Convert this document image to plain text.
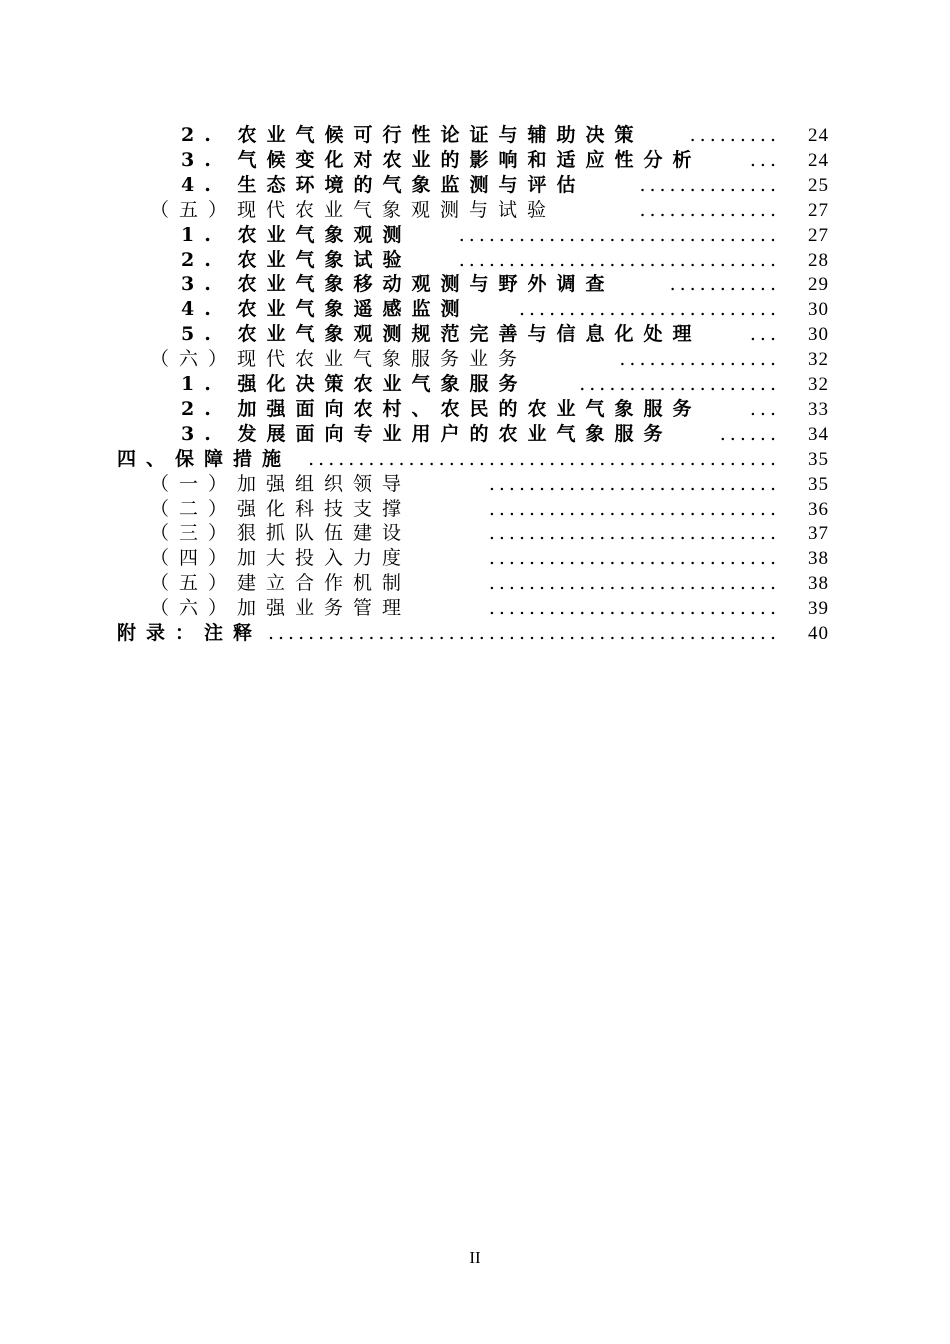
.........
2. 农业气候可行性论证与辅助决策	24
...
3. 气候变化对农业的影响和适应性分析	24
..............
4. 生态环境的气象监测与评估	25
..............
（五）现代农业气象观测与试验	27
................................
1. 农业气象观测	27
................................
2. 农业气象试验	28
...........
3. 农业气象移动观测与野外调查	29
..........................
4. 农业气象遥感监测	30
...
5. 农业气象观测规范完善与信息化处理	30
................
（六）现代农业气象服务业务	32
....................
1. 强化决策农业气象服务	32
...
2. 加强面向农村、农民的农业气象服务	33
......
3. 发展面向专业用户的农业气象服务	34
...............................................
四、保障措施	35
.............................
（一）加强组织领导	35
.............................
（二）强化科技支撑	36
.............................
（三）狠抓队伍建设	37
.............................
（四）加大投入力度	38
.............................
（五）建立合作机制	38
.............................
（六）加强业务管理	39
...................................................
附录：注释	40
II
